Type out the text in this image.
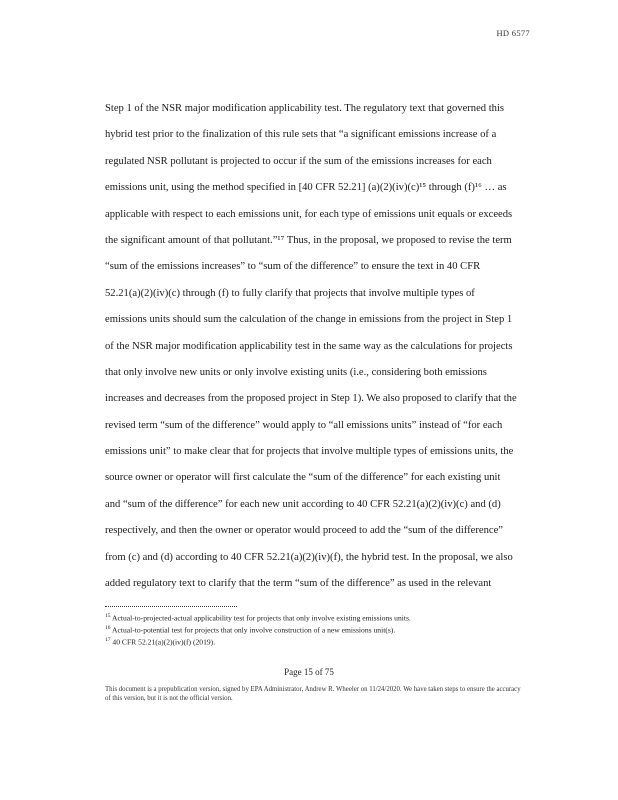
HD 6577
Step 1 of the NSR major modification applicability test. The regulatory text that governed this
hybrid test prior to the finalization of this rule sets that “a significant emissions increase of a
regulated NSR pollutant is projected to occur if the sum of the emissions increases for each
emissions unit, using the method specified in [40 CFR 52.21] (a)(2)(iv)(c)¹⁵ through (f)¹⁶ … as
applicable with respect to each emissions unit, for each type of emissions unit equals or exceeds
the significant amount of that pollutant.”¹⁷ Thus, in the proposal, we proposed to revise the term
“sum of the emissions increases” to “sum of the difference” to ensure the text in 40 CFR
52.21(a)(2)(iv)(c) through (f) to fully clarify that projects that involve multiple types of
emissions units should sum the calculation of the change in emissions from the project in Step 1
of the NSR major modification applicability test in the same way as the calculations for projects
that only involve new units or only involve existing units (i.e., considering both emissions
increases and decreases from the proposed project in Step 1). We also proposed to clarify that the
revised term “sum of the difference” would apply to “all emissions units” instead of “for each
emissions unit” to make clear that for projects that involve multiple types of emissions units, the
source owner or operator will first calculate the “sum of the difference” for each existing unit
and “sum of the difference” for each new unit according to 40 CFR 52.21(a)(2)(iv)(c) and (d)
respectively, and then the owner or operator would proceed to add the “sum of the difference”
from (c) and (d) according to 40 CFR 52.21(a)(2)(iv)(f), the hybrid test. In the proposal, we also
added regulatory text to clarify that the term “sum of the difference” as used in the relevant

$^{15}$ Actual-to-projected-actual applicability test for projects that only involve existing emissions units.

$^{16}$ Actual-to-potential test for projects that only involve construction of a new emissions unit(s).

$^{17}$ 40 CFR 52.21(a)(2)(iv)(f) (2019).

Page 15 of 75

This document is a prepublication version, signed by EPA Administrator, Andrew R. Wheeler on 11/24/2020. We have taken steps to ensure the accuracy of this version, but it is not the official version.
